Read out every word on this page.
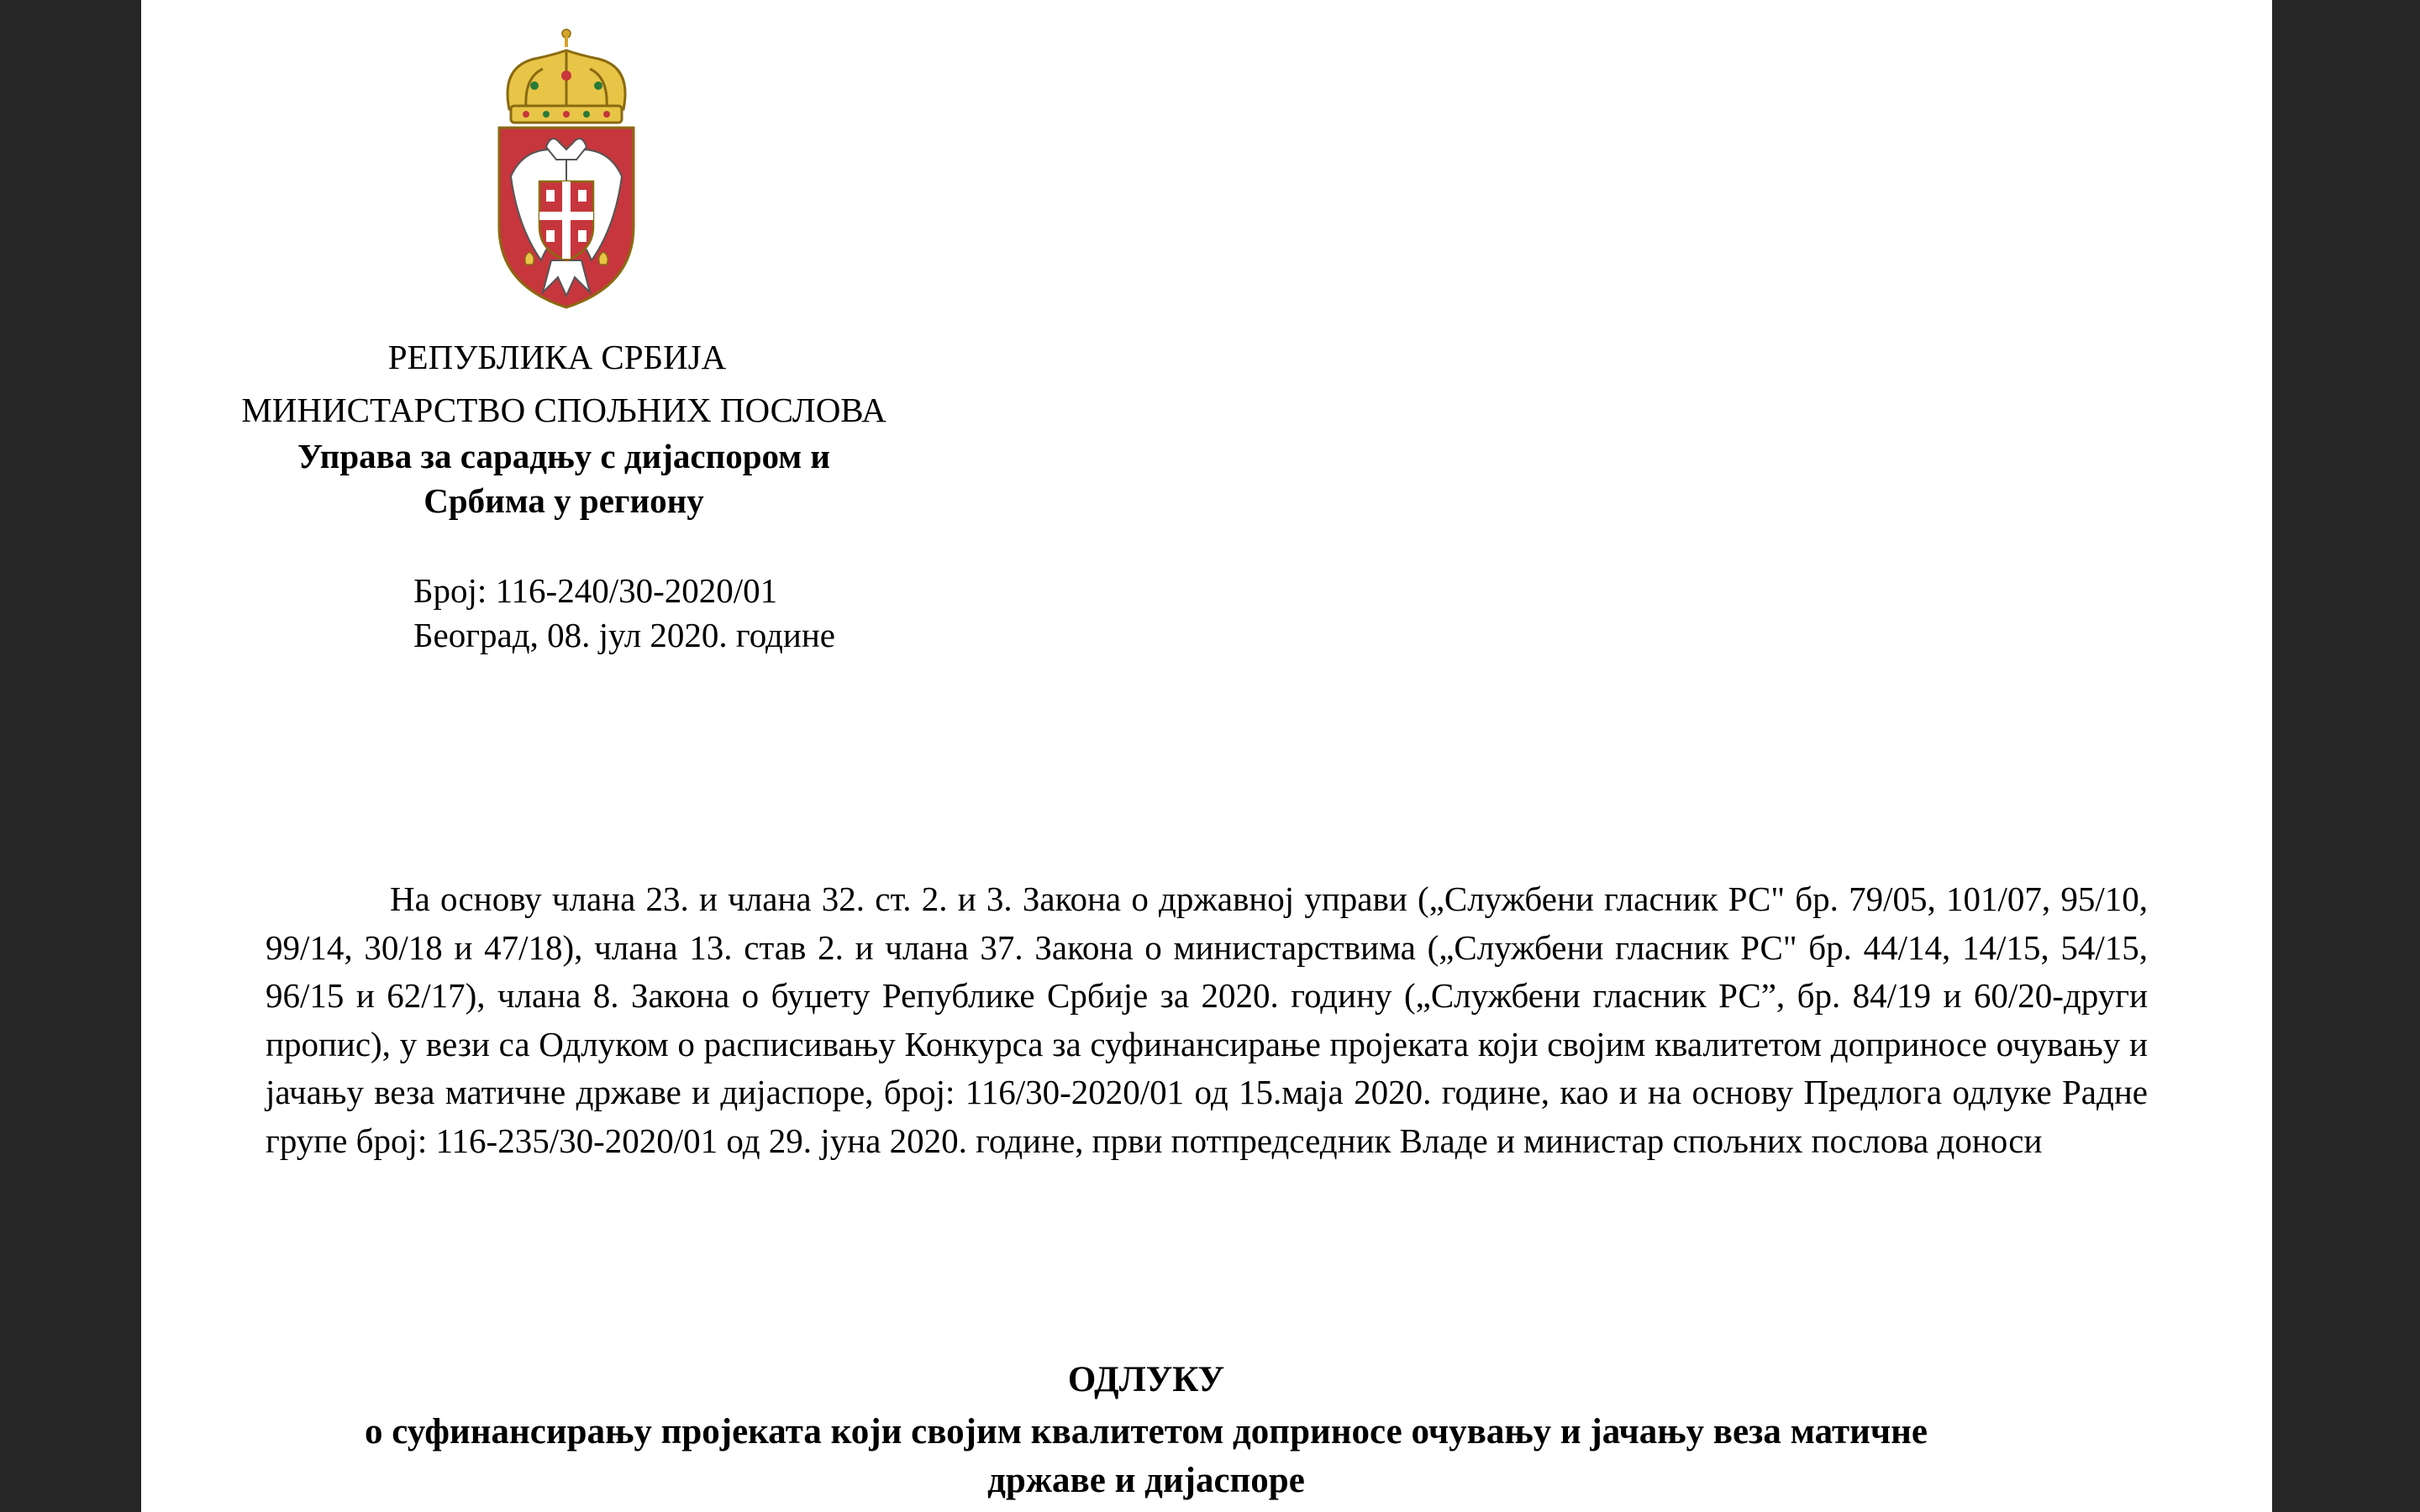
РЕПУБЛИКА СРБИЈА
МИНИСТАРСТВО СПОЉНИХ ПОСЛОВА
Управа за сарадњу с дијаспором и
Србима у региону
Број: 116-240/30-2020/01
Београд, 08. јул 2020. године

На основу члана 23. и члана 32. ст. 2. и 3. Закона о државној управи („Службени гласник РС" бр. 79/05, 101/07, 95/10, 99/14, 30/18 и 47/18), члана 13. став 2. и члана 37. Закона о министарствима („Службени гласник РС" бр. 44/14, 14/15, 54/15, 96/15 и 62/17), члана 8. Закона о буџету Републике Србије за 2020. годину („Службени гласник РС”, бр. 84/19 и 60/20-други пропис), у вези са Одлуком о расписивању Конкурса за суфинансирање пројеката који својим квалитетом доприносе очувању и јачању веза матичне државе и дијаспоре, број: 116/30-2020/01 од 15.маја 2020. године, као и на основу Предлога одлуке Радне групе број: 116-235/30-2020/01 од 29. јуна 2020. године, први потпредседник Владе и министар спољних послова доноси

ОДЛУКУ
о суфинансирању пројеката који својим квалитетом доприносе очувању и јачању веза матичне
државе и дијаспоре
